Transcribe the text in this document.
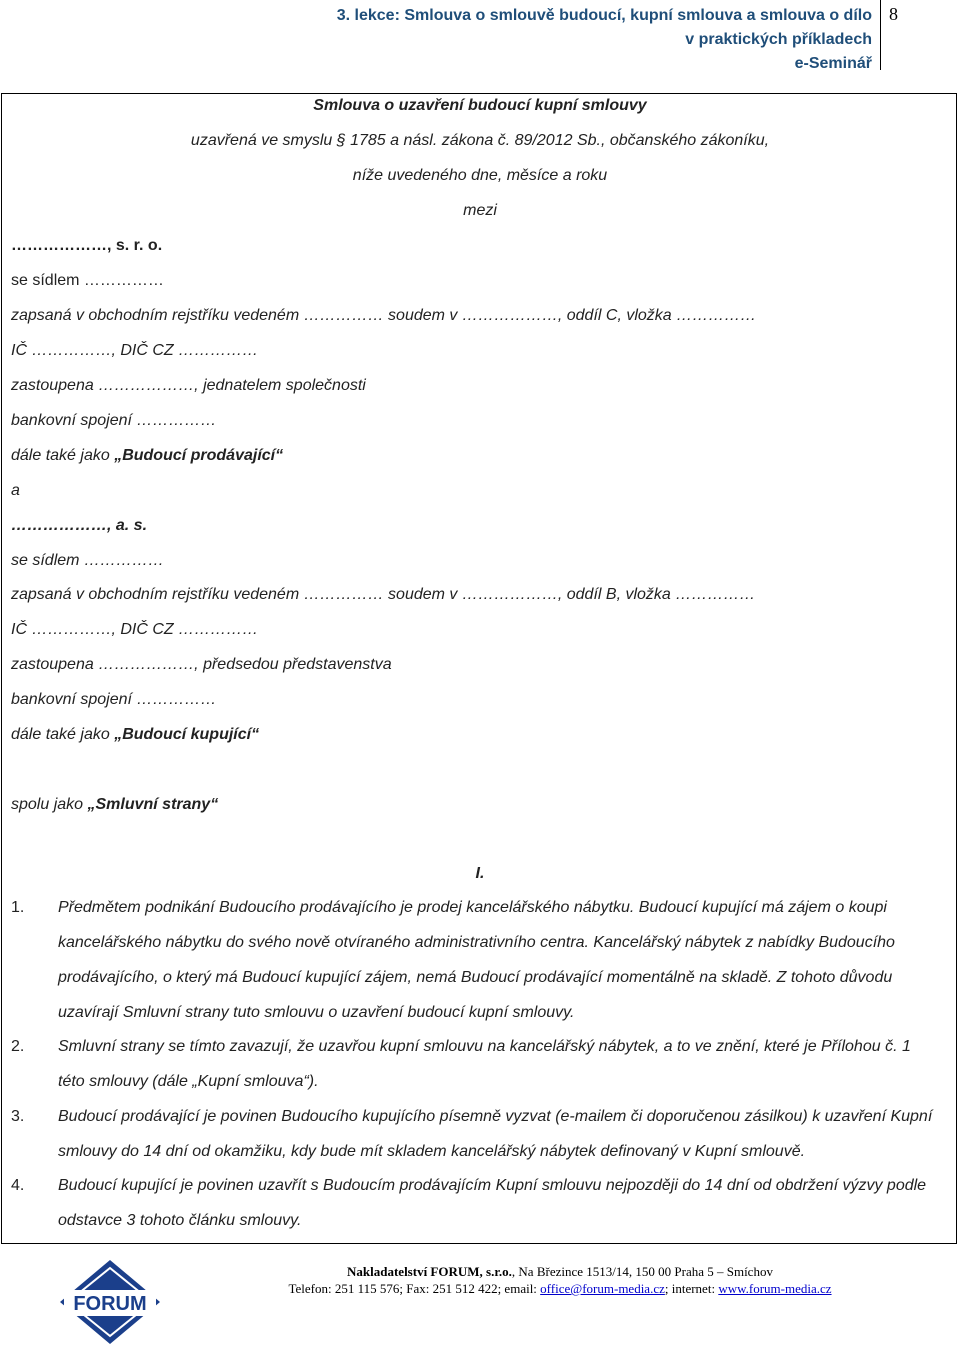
3. lekce: Smlouva o smlouvě budoucí, kupní smlouva a smlouva o dílo
v praktických příkladech
e-Seminář
8
Smlouva o uzavření budoucí kupní smlouvy
uzavřená ve smyslu § 1785 a násl. zákona č. 89/2012 Sb., občanského zákoníku,
níže uvedeného dne, měsíce a roku
mezi
………………, s. r. o.
se sídlem ……………
zapsaná v obchodním rejstříku vedeném …………… soudem v ………………, oddíl C, vložka ……………
IČ ……………, DIČ CZ ……………
zastoupena ………………, jednatelem společnosti
bankovní spojení ……………
dále také jako „Budoucí prodávající“
a
………………, a. s.
se sídlem ……………
zapsaná v obchodním rejstříku vedeném …………… soudem v ………………, oddíl B, vložka ……………
IČ ……………, DIČ CZ ……………
zastoupena ………………, předsedou představenstva
bankovní spojení ……………
dále také jako „Budoucí kupující“
spolu jako „Smluvní strany“
I.
1. Předmětem podnikání Budoucího prodávajícího je prodej kancelářského nábytku. Budoucí kupující má zájem o koupi kancelářského nábytku do svého nově otvíraného administrativního centra. Kancelářský nábytek z nabídky Budoucího prodávajícího, o který má Budoucí kupující zájem, nemá Budoucí prodávající momentálně na skladě. Z tohoto důvodu uzavírají Smluvní strany tuto smlouvu o uzavření budoucí kupní smlouvy.
2. Smluvní strany se tímto zavazují, že uzavřou kupní smlouvu na kancelářský nábytek, a to ve znění, které je Přílohou č. 1 této smlouvy (dále „Kupní smlouva“).
3. Budoucí prodávající je povinen Budoucího kupujícího písemně vyzvat (e-mailem či doporučenou zásilkou) k uzavření Kupní smlouvy do 14 dní od okamžiku, kdy bude mít skladem kancelářský nábytek definovaný v Kupní smlouvě.
4. Budoucí kupující je povinen uzavřít s Budoucím prodávajícím Kupní smlouvu nejpozději do 14 dní od obdržení výzvy podle odstavce 3 tohoto článku smlouvy.
Nakladatelství FORUM, s.r.o., Na Březince 1513/14, 150 00 Praha 5 – Smíchov
Telefon: 251 115 576; Fax: 251 512 422; email: office@forum-media.cz; internet: www.forum-media.cz
FORUM
